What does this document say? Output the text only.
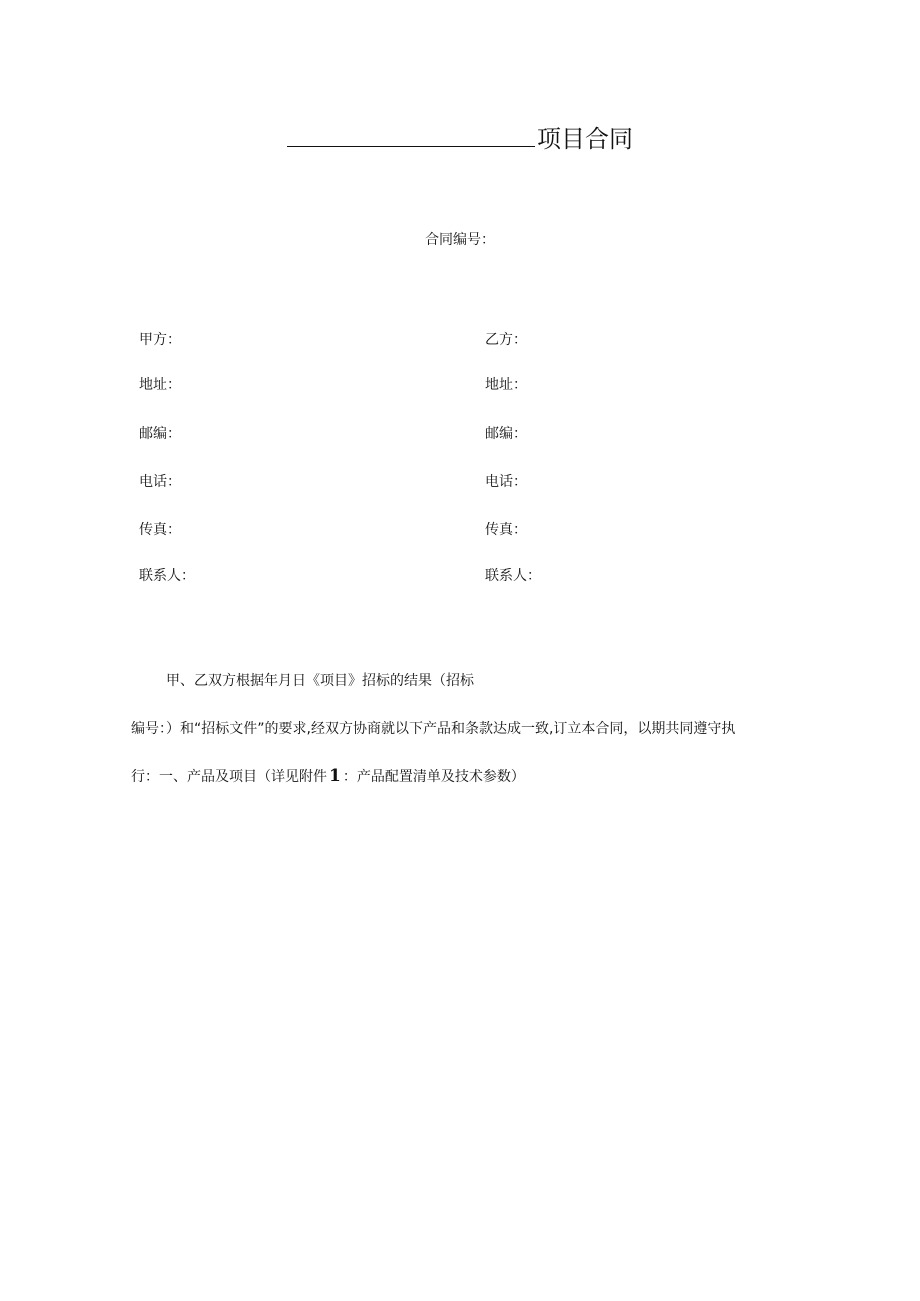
项目合同
合同编号：
甲方：
地址：
邮编：
电话：
传真：
联系人：
乙方：
地址：
邮编：
电话：
传真：
联系人：
甲、乙双方根据年月日《项目》招标的结果（招标
编号：）和“招标文件”的要求,经双方协商就以下产品和条款达成一致,订立本合同，以期共同遵守执
行：一、产品及项目（详见附件 1 ：产品配置清单及技术参数）
